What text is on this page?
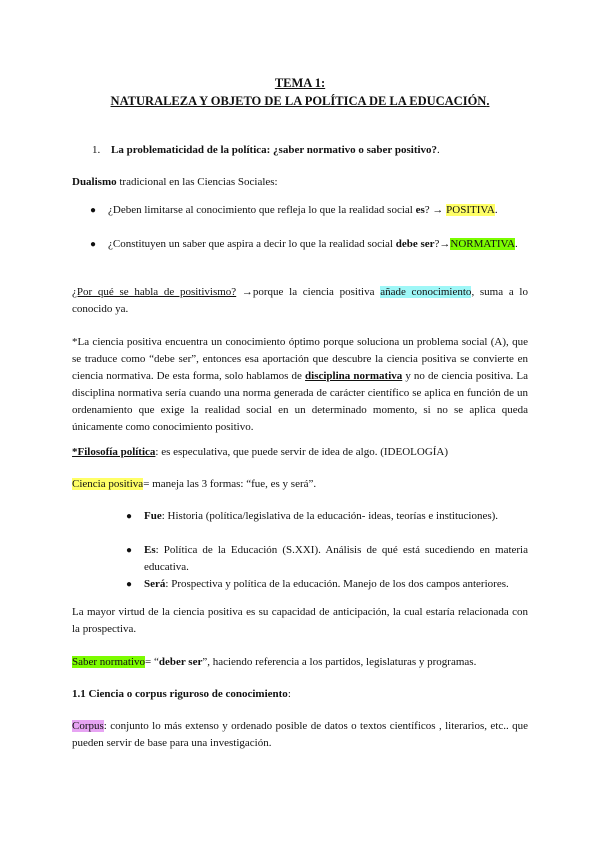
TEMA 1:
NATURALEZA Y OBJETO DE LA POLÍTICA DE LA EDUCACIÓN.
1. La problematicidad de la política: ¿saber normativo o saber positivo?.

Dualismo tradicional en las Ciencias Sociales:

● ¿Deben limitarse al conocimiento que refleja lo que la realidad social es? → POSITIVA.

● ¿Constituyen un saber que aspira a decir lo que la realidad social debe ser?→NORMATIVA.

¿Por qué se habla de positivismo? →porque la ciencia positiva añade conocimiento, suma a lo conocido ya.

*La ciencia positiva encuentra un conocimiento óptimo porque soluciona un problema social (A), que se traduce como “debe ser”, entonces esa aportación que descubre la ciencia positiva se convierte en ciencia normativa. De esta forma, solo hablamos de disciplina normativa y no de ciencia positiva. La disciplina normativa sería cuando una norma generada de carácter científico se aplica en función de un ordenamiento que exige la realidad social en un determinado momento, si no se aplica queda únicamente como conocimiento positivo.

*Filosofía política: es especulativa, que puede servir de idea de algo. (IDEOLOGÍA)

Ciencia positiva= maneja las 3 formas: “fue, es y será”.

● Fue: Historia (política/legislativa de la educación- ideas, teorías e instituciones).

● Es: Política de la Educación (S.XXI). Análisis de qué está sucediendo en materia educativa.

● Será: Prospectiva y política de la educación. Manejo de los dos campos anteriores.

La mayor virtud de la ciencia positiva es su capacidad de anticipación, la cual estaría relacionada con la prospectiva.

Saber normativo= “deber ser”, haciendo referencia a los partidos, legislaturas y programas.

1.1 Ciencia o corpus riguroso de conocimiento:

Corpus: conjunto lo más extenso y ordenado posible de datos o textos científicos , literarios, etc.. que pueden servir de base para una investigación.
